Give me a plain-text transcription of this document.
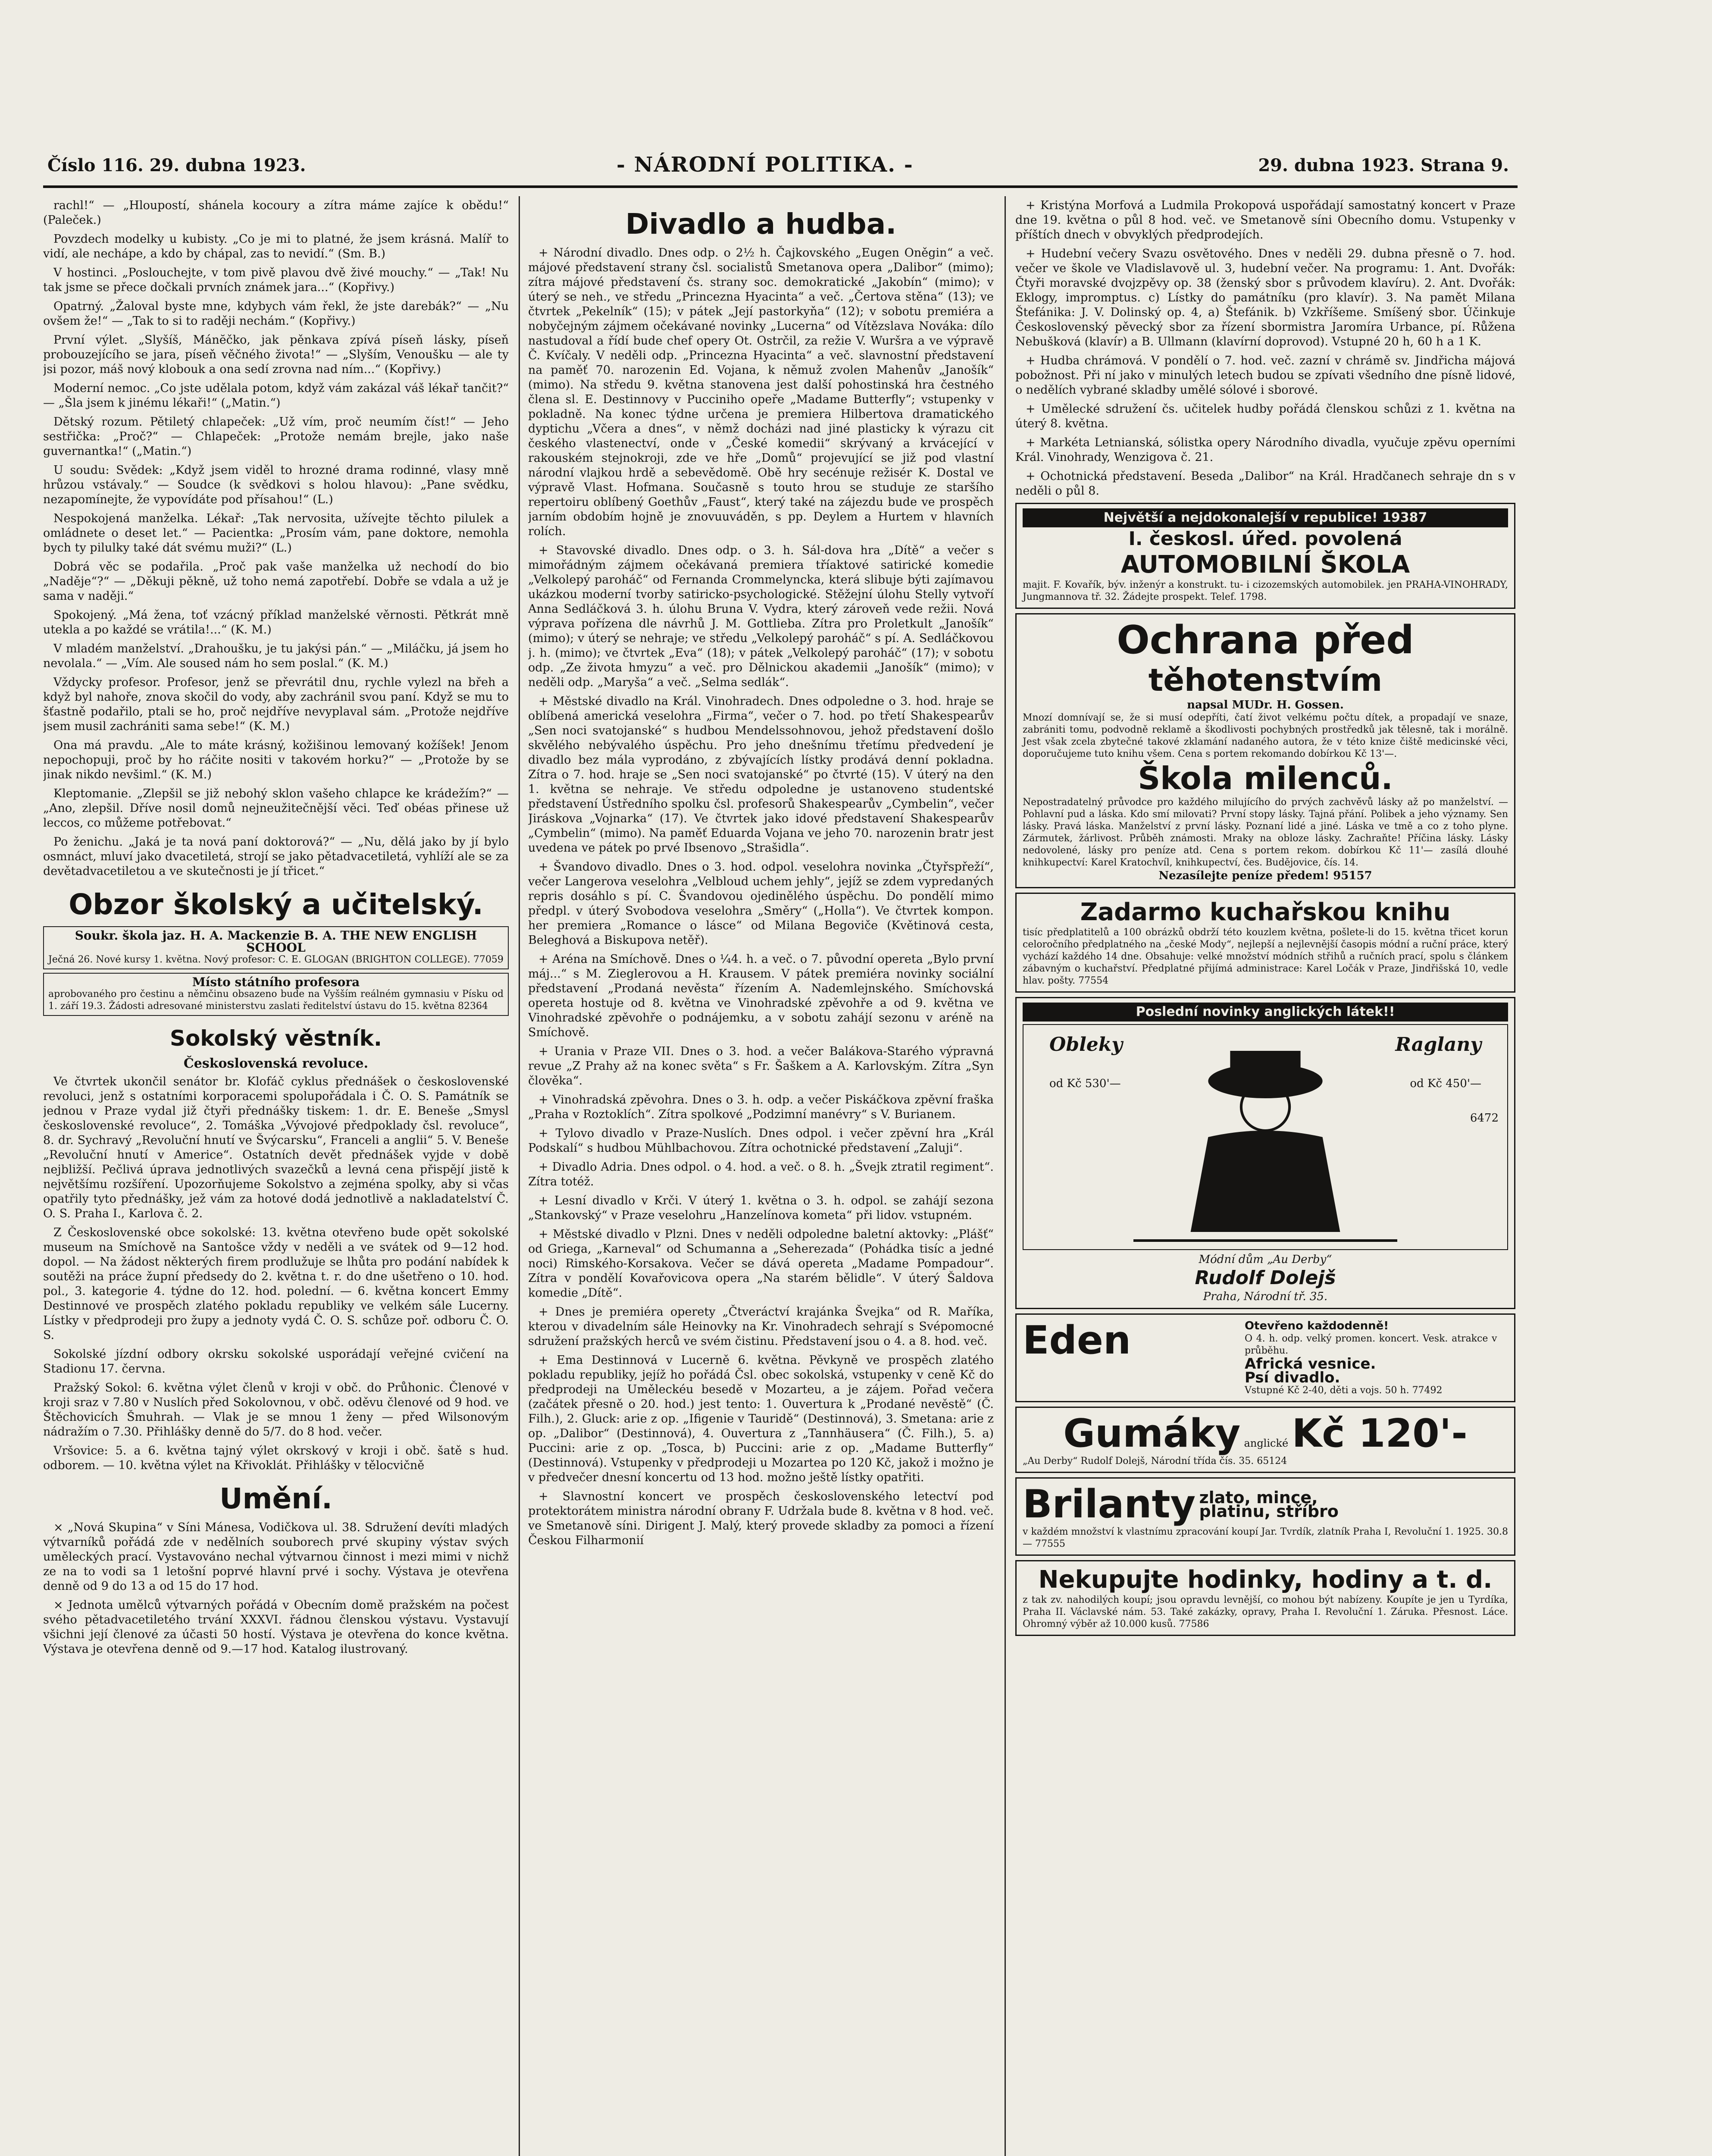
Číslo 116. 29. dubna 1923.	- NÁRODNÍ POLITIKA. -	29. dubna 1923. Strana 9.

rachl!“ — „Hloupostí, shánela kocoury a zítra máme zajíce k obědu!“ (Paleček.)

Povzdech modelky u kubisty. „Co je mi to platné, že jsem krásná. Malíř to vidí, ale nechápe, a kdo by chápal, zas to nevidí.“ (Sm. B.)

V hostinci. „Poslouchejte, v tom pivě plavou dvě živé mouchy.“ — „Tak! Nu tak jsme se přece dočkali prvních známek jara...“ (Kopřivy.)

Opatrný. „Žaloval byste mne, kdybych vám řekl, že jste darebák?“ — „Nu ovšem že!“ — „Tak to si to raději nechám.“ (Kopřivy.)

První výlet. „Slyšíš, Mánĕčko, jak pěnkava zpívá píseň lásky, píseň probouzejícího se jara, píseň věčného života!“ — „Slyším, Venoušku — ale ty jsi pozor, máš nový klobouk a ona sedí zrovna nad ním...“ (Kopřivy.)

Moderní nemoc. „Co jste udělala potom, když vám zakázal váš lékař tančit?“ — „Šla jsem k jinému lékaři!“ („Matin.“)

Dětský rozum. Pětiletý chlapeček: „Už vím, proč neumím číst!“ — Jeho sestřička: „Proč?“ — Chlapeček: „Protože nemám brejle, jako naše guvernantka!“ („Matin.“)

U soudu: Svědek: „Když jsem viděl to hrozné drama rodinné, vlasy mně hrůzou vstávaly.“ — Soudce (k svědkovi s holou hlavou): „Pane svědku, nezapomínejte, že vypovídáte pod přísahou!“ (L.)

Nespokojená manželka. Lékař: „Tak nervosita, užívejte těchto pilulek a omládnete o deset let.“ — Pacientka: „Prosím vám, pane doktore, nemohla bych ty pilulky také dát svému muži?“ (L.)

Dobrá věc se podařila. „Proč pak vaše manželka už nechodí do bio „Naděje“?“ — „Děkuji pěkně, už toho nemá zapotřebí. Dobře se vdala a už je sama v naději.“

Spokojený. „Má žena, toť vzácný příklad manželské věrnosti. Pětkrát mně utekla a po každé se vrátila!...“ (K. M.)

V mladém manželství. „Drahoušku, je tu jakýsi pán.“ — „Miláčku, já jsem ho nevolala.“ — „Vím. Ale soused nám ho sem poslal.“ (K. M.)

Vždycky profesor. Profesor, jenž se převrátil dnu, rychle vylezl na břeh a když byl nahoře, znova skočil do vody, aby zachránil svou paní. Když se mu to šťastně podařilo, ptali se ho, proč nejdříve nevyplaval sám. „Protože nejdříve jsem musil zachrániti sama sebe!“ (K. M.)

Ona má pravdu. „Ale to máte krásný, kožišinou lemovaný kožíšek! Jenom nepochopuji, proč by ho ráčite nositi v takovém horku?“ — „Protože by se jinak nikdo nevšiml.“ (K. M.)

Kleptomanie. „Zlepšil se již nebohý sklon vašeho chlapce ke krádežím?“ — „Ano, zlepšil. Dříve nosil domů nejneužitečnější věci. Teď obéas přinese už leccos, co můžeme potřebovat.“

Po ženichu. „Jaká je ta nová paní doktorová?“ — „Nu, dělá jako by jí bylo osmnáct, mluví jako dvacetiletá, strojí se jako pětadvacetiletá, vyhlíží ale se za devětadvacetiletou a ve skutečnosti je jí třicet.“

Obzor školský a učitelský.
Soukr. škola jaz. H. A. Mackenzie B. A. THE NEW ENGLISH SCHOOL
Ječná 26. Nové kursy 1. května. Nový profesor: C. E. GLOGAN (BRIGHTON COLLEGE). 77059
Místo státního profesora
aprobovaného pro čestinu a němčinu obsazeno bude na Vyšším reálném gymnasiu v Písku od 1. září 19.3. Žádosti adresované ministerstvu zaslati ředitelství ústavu do 15. května 82364
Sokolský věstník.
Československá revoluce.

Ve čtvrtek ukončil senátor br. Klofáč cyklus přednášek o československé revoluci, jenž s ostatními korporacemi spolupořádala i Č. O. S. Památník se jednou v Praze vydal již čtyři přednášky tiskem: 1. dr. E. Beneše „Smysl československé revoluce“, 2. Tomáška „Vývojové předpoklady čsl. revoluce“, 8. dr. Sychravý „Revoluční hnutí ve Švýcarsku“, Franceli a anglii“ 5. V. Beneše „Revoluční hnutí v Americe“. Ostatních devět přednášek vyjde v době nejbližší. Pečlivá úprava jednotlivých svazečků a levná cena přispějí jistě k největšímu rozšíření. Upozorňujeme Sokolstvo a zejména spolky, aby si včas opatřily tyto přednášky, jež vám za hotové dodá jednotlivě a nakladatelství Č. O. S. Praha I., Karlova č. 2.

Z Československé obce sokolské: 13. května otevřeno bude opět sokolské museum na Smíchově na Santošce vždy v neděli a ve svátek od 9—12 hod. dopol. — Na žádost některých firem prodlužuje se lhůta pro podání nabídek k soutěži na práce župní předsedy do 2. května t. r. do dne ušetřeno o 10. hod. pol., 3. kategorie 4. týdne do 12. hod. polední. — 6. května koncert Emmy Destinnové ve prospěch zlatého pokladu republiky ve velkém sále Lucerny. Lístky v předprodeji pro župy a jednoty vydá Č. O. S. schůze poř. odboru Č. O. S.

Sokolské jízdní odbory okrsku sokolské usporádají veřejné cvičení na Stadionu 17. června.

Pražský Sokol: 6. května výlet členů v kroji v obč. do Průhonic. Členové v kroji sraz v 7.80 v Nuslích před Sokolovnou, v obč. oděvu členové od 9 hod. ve Štěchovicích Šmuhrah. — Vlak je se mnou 1 ženy — před Wilsonovým nádražím o 7.30. Přihlášky denně do 5/7. do 8 hod. večer.

Vršovice: 5. a 6. května tajný výlet okrskový v kroji i obč. šatě s hud. odborem. — 10. května výlet na Křivoklát. Přihlášky v tělocvičně

Umění.

× „Nová Skupina“ v Síni Mánesa, Vodičkova ul. 38. Sdružení devíti mladých výtvarníků pořádá zde v nedělních souborech prvé skupiny výstav svých uměleckých prací. Vystavováno nechal výtvarnou činnost i mezi mimi v nichž ze na to vodi sa 1 letošní poprvé hlavní prvé i sochy. Výstava je otevřena denně od 9 do 13 a od 15 do 17 hod.

× Jednota umělců výtvarných pořádá v Obecním domě pražském na počest svého pětadvacetiletého trvání XXXVI. řádnou členskou výstavu. Vystavují všichni její členové za účasti 50 hostí. Výstava je otevřena do konce května. Výstava je otevřena denně od 9.—17 hod. Katalog ilustrovaný.

Divadlo a hudba.

+ Národní divadlo. Dnes odp. o 2½ h. Čajkovského „Eugen Oněgin“ a več. májové představení strany čsl. socialistů Smetanova opera „Dalibor“ (mimo); zítra májové představení čs. strany soc. demokratické „Jakobín“ (mimo); v úterý se neh., ve středu „Princezna Hyacinta“ a več. „Čertova stěna“ (13); ve čtvrtek „Pekelník“ (15); v pátek „Její pastorkyňa“ (12); v sobotu premiéra a nobyčejným zájmem očekávané novinky „Lucerna“ od Vítězslava Nováka: dílo nastudoval a řídí bude chef opery Ot. Ostrčil, za režie V. Wuršra a ve výpravě Č. Kvíčaly. V neděli odp. „Princezna Hyacinta“ a več. slavnostní představení na paměť 70. narozenin Ed. Vojana, k němuž zvolen Mahenův „Janošík“ (mimo). Na středu 9. května stanovena jest další pohostinská hra čestného člena sl. E. Destinnovy v Pucciniho opeře „Madame Butterfly“; vstupenky v pokladně. Na konec týdne určena je premiera Hilbertova dramatického dyptichu „Včera a dnes“, v němž docházi nad jiné plasticky k výrazu cit českého vlastenectví, onde v „České komedii“ skrývaný a krvácející v rakouském stejnokroji, zde ve hře „Domů“ projevující se již pod vlastní národní vlajkou hrdě a sebevědomě. Obě hry secénuje režisér K. Dostal ve výpravě Vlast. Hofmana. Současně s touto hrou se studuje ze staršího repertoiru oblíbený Goethův „Faust“, který také na zájezdu bude ve prospěch jarním obdobím hojně je znovuuváděn, s pp. Deylem a Hurtem v hlavních rolích.

+ Stavovské divadlo. Dnes odp. o 3. h. Sál-dova hra „Dítě“ a večer s mimořádným zájmem očekávaná premiera tříaktové satirické komedie „Velkolepý paroháč“ od Fernanda Crommelyncka, která slibuje býti zajímavou ukázkou moderní tvorby satiricko-psychologické. Stěžejní úlohu Stelly vytvoří Anna Sedláčková 3. h. úlohu Bruna V. Vydra, který zároveň vede režii. Nová výprava pořízena dle návrhů J. M. Gottlieba. Zítra pro Proletkult „Janošík“ (mimo); v úterý se nehraje; ve středu „Velkolepý paroháč“ s pí. A. Sedláčkovou j. h. (mimo); ve čtvrtek „Eva“ (18); v pátek „Velkolepý paroháč“ (17); v sobotu odp. „Ze života hmyzu“ a več. pro Dělnickou akademii „Janošík“ (mimo); v neděli odp. „Maryša“ a več. „Selma sedlák“.

+ Městské divadlo na Král. Vinohradech. Dnes odpoledne o 3. hod. hraje se oblíbená americká veselohra „Firma“, večer o 7. hod. po třetí Shakespearův „Sen noci svatojanské“ s hudbou Mendelssohnovou, jehož představení došlo skvělého nebývalého úspěchu. Pro jeho dnešnímu třetímu předvedení je divadlo bez mála vyprodáno, z zbývajících lístky prodává denní pokladna. Zítra o 7. hod. hraje se „Sen noci svatojanské“ po čtvrté (15). V úterý na den 1. května se nehraje. Ve středu odpoledne je ustanoveno studentské představení Ústředního spolku čsl. profesorů Shakespearův „Cymbelin“, večer Jiráskova „Vojnarka“ (17). Ve čtvrtek jako idové představení Shakespearův „Cymbelin“ (mimo). Na paměť Eduarda Vojana ve jeho 70. narozenin bratr jest uvedena ve pátek po prvé Ibsenovo „Strašidla“.

+ Švandovo divadlo. Dnes o 3. hod. odpol. veselohra novinka „Čtyřspřeží“, večer Langerova veselohra „Velbloud uchem jehly“, jejíž se zdem vypredaných repris dosáhlo s pí. C. Švandovou ojedinělého úspěchu. Do pondělí mimo předpl. v úterý Svobodova veselohra „Směry“ („Holla“). Ve čtvrtek kompon. her premiera „Romance o lásce“ od Milana Begoviče (Květinová cesta, Beleghová a Biskupova netěř).

+ Aréna na Smíchově. Dnes o ¼4. h. a več. o 7. původní opereta „Bylo první máj...“ s M. Zieglerovou a H. Krausem. V pátek premiéra novinky sociální představení „Prodaná nevěsta“ řízením A. Nademlejnského. Smíchovská opereta hostuje od 8. května ve Vinohradské zpěvohře a od 9. května ve Vinohradské zpěvohře o podnájemku, a v sobotu zahájí sezonu v aréně na Smíchově.

+ Urania v Praze VII. Dnes o 3. hod. a večer Balákova-Starého výpravná revue „Z Prahy až na konec světa“ s Fr. Šaškem a A. Karlovským. Zítra „Syn člověka“.

+ Vinohradská zpěvohra. Dnes o 3. h. odp. a večer Piskáčkova zpěvní fraška „Praha v Roztoklích“. Zítra spolkové „Podzimní manévry“ s V. Burianem.

+ Tylovo divadlo v Praze-Nuslích. Dnes odpol. i večer zpěvní hra „Král Podskalí“ s hudbou Mühlbachovou. Zítra ochotnické představení „Zaluji“.

+ Divadlo Adria. Dnes odpol. o 4. hod. a več. o 8. h. „Švejk ztratil regiment“. Zítra totéž.

+ Lesní divadlo v Krči. V úterý 1. května o 3. h. odpol. se zahájí sezona „Stankovský“ v Praze veselohru „Hanzelínova kometa“ při lidov. vstupném.

+ Městské divadlo v Plzni. Dnes v neděli odpoledne baletní aktovky: „Plášť“ od Griega, „Karneval“ od Schumanna a „Seherezada“ (Pohádka tisíc a jedné noci) Rimského-Korsakova. Večer se dává opereta „Madame Pompadour“. Zítra v pondělí Kovařovicova opera „Na starém bělidle“. V úterý Šaldova komedie „Dítě“.

+ Dnes je premiéra operety „Čtveráctví krajánka Švejka“ od R. Maříka, kterou v divadelním sále Heinovky na Kr. Vinohradech sehrají s Svépomocné sdružení pražských herců ve svém čistinu. Představení jsou o 4. a 8. hod. več.

+ Ema Destinnová v Lucerně 6. května. Pěvkyně ve prospěch zlatého pokladu republiky, jejíž ho pořádá Čsl. obec sokolská, vstupenky v ceně Kč do předprodeji na Uměleckéu besedě v Mozarteu, a je zájem. Pořad večera (začátek přesně o 20. hod.) jest tento: 1. Ouvertura k „Prodané nevěstě“ (Č. Filh.), 2. Gluck: arie z op. „Ifigenie v Tauridě“ (Destinnová), 3. Smetana: arie z op. „Dalibor“ (Destinnová), 4. Ouvertura z „Tannhäusera“ (Č. Filh.), 5. a) Puccini: arie z op. „Tosca, b) Puccini: arie z op. „Madame Butterfly“ (Destinnová). Vstupenky v předprodeji u Mozartea po 120 Kč, jakož i možno je v předvečer dnesní koncertu od 13 hod. možno ještě lístky opatřiti.

+ Slavnostní koncert ve prospěch československého letectví pod protektorátem ministra národní obrany F. Udržala bude 8. května v 8 hod. več. ve Smetanově síni. Dirigent J. Malý, který provede skladby za pomoci a řízení Českou Filharmonií

+ Kristýna Morfová a Ludmila Prokopová uspořádají samostatný koncert v Praze dne 19. května o půl 8 hod. več. ve Smetanově síni Obecního domu. Vstupenky v příštích dnech v obvyklých předprodejích.

+ Hudební večery Svazu osvětového. Dnes v neděli 29. dubna přesně o 7. hod. večer ve škole ve Vladislavově ul. 3, hudební večer. Na programu: 1. Ant. Dvořák: Čtyři moravské dvojzpěvy op. 38 (ženský sbor s průvodem klavíru). 2. Ant. Dvořák: Eklogy, impromptus. c) Lístky do památníku (pro klavír). 3. Na pamět Milana Štefánika: J. V. Dolinský op. 4, a) Štefánik. b) Vzkříšeme. Smíšený sbor. Účinkuje Československý pěvecký sbor za řízení sbormistra Jaromíra Urbance, pí. Růžena Nebušková (klavír) a B. Ullmann (klavírní doprovod). Vstupné 20 h, 60 h a 1 K.

+ Hudba chrámová. V pondělí o 7. hod. več. zazní v chrámě sv. Jindřicha májová pobožnost. Při ní jako v minulých letech budou se zpívati všedního dne písně lidové, o nedělích vybrané skladby umělé sólové i sborové.

+ Umělecké sdružení čs. učitelek hudby pořádá členskou schůzi z 1. května na úterý 8. května.

+ Markéta Letnianská, sólistka opery Národního divadla, vyučuje zpěvu operními Král. Vinohrady, Wenzigova č. 21.

+ Ochotnická představení. Beseda „Dalibor“ na Král. Hradčanech sehraje dn s v neděli o půl 8.

Největší a nejdokonalejší v republice! 19387
I. českosl. úřed. povolená
AUTOMOBILNÍ ŠKOLA
majit. F. Kovařík, býv. inženýr a konstrukt. tu- i cizozemských automobilek. jen PRAHA-VINOHRADY, Jungmannova tř. 32. Žádejte prospekt. Telef. 1798.
Ochrana před
těhotenstvím
napsal MUDr. H. Gossen.
Mnozí domnívají se, že si musí odepříti, čatí život velkému počtu dítek, a propadají ve snaze, zabrániti tomu, podvodně reklamě a škodlivosti pochybných prostředků jak tělesně, tak i morálně. Jest však zcela zbytečné takové zklamání nadaného autora, že v této knize čiště medicinské věci, doporučujeme tuto knihu všem. Cena s portem rekomando dobírkou Kč 13'—.
Škola milenců.
Nepostradatelný průvodce pro každého milujícího do prvých zachvěvů lásky až po manželství. — Pohlavní pud a láska. Kdo smí milovati? První stopy lásky. Tajná přání. Polibek a jeho významy. Sen lásky. Pravá láska. Manželství z první lásky. Poznaní lidé a jiné. Láska ve tmě a co z toho plyne. Zármutek, žárlivost. Průběh známosti. Mraky na obloze lásky. Zachraňte! Příčina lásky. Lásky nedovolené, lásky pro peníze atd. Cena s portem rekom. dobírkou Kč 11'— zasílá dlouhé knihkupectví: Karel Kratochvíl, knihkupectví, čes. Budějovice, čís. 14.
Nezasílejte peníze předem! 95157
Zadarmo kuchařskou knihu
tisíc předplatitelů a 100 obrázků obdrží této kouzlem května, pošlete-li do 15. května třicet korun celoročního předplatného na „české Mody“, nejlepší a nejlevnější časopis módní a ruční práce, který vychází každého 14 dne. Obsahuje: velké množství módních střihů a ručních prací, spolu s článkem zábavným o kuchařství. Předplatné přijímá administrace: Karel Ločák v Praze, Jindřišská 10, vedle hlav. pošty. 77554
Poslední novinky anglických látek!!
Obleky	Raglany
od Kč 530'—	od Kč 450'—
6472
Módní dům „Au Derby“
Rudolf Dolejš
Praha, Národní tř. 35.
Eden	Otevřeno každodenně!
O 4. h. odp. velký promen. koncert. Vesk. atrakce v průběhu.
Africká vesnice.
Psí divadlo.
Vstupné Kč 2-40, děti a vojs. 50 h. 77492
Gumáky anglické Kč 120'-
„Au Derby“ Rudolf Dolejš, Národní třída čís. 35. 65124
Brilanty zlato, mince, platinu, stříbro
v každém množství k vlastnímu zpracování koupí Jar. Tvrdík, zlatník Praha I, Revoluční 1. 1925. 30.8 — 77555
Nekupujte hodinky, hodiny a t. d.
z tak zv. nahodilých koupí; jsou opravdu levnější, co mohou být nabízeny. Koupíte je jen u Tyrdíka, Praha II. Václavské nám. 53. Také zakázky, opravy, Praha I. Revoluční 1. Záruka. Přesnost. Láce. Ohromný výběr až 10.000 kusů. 77586
